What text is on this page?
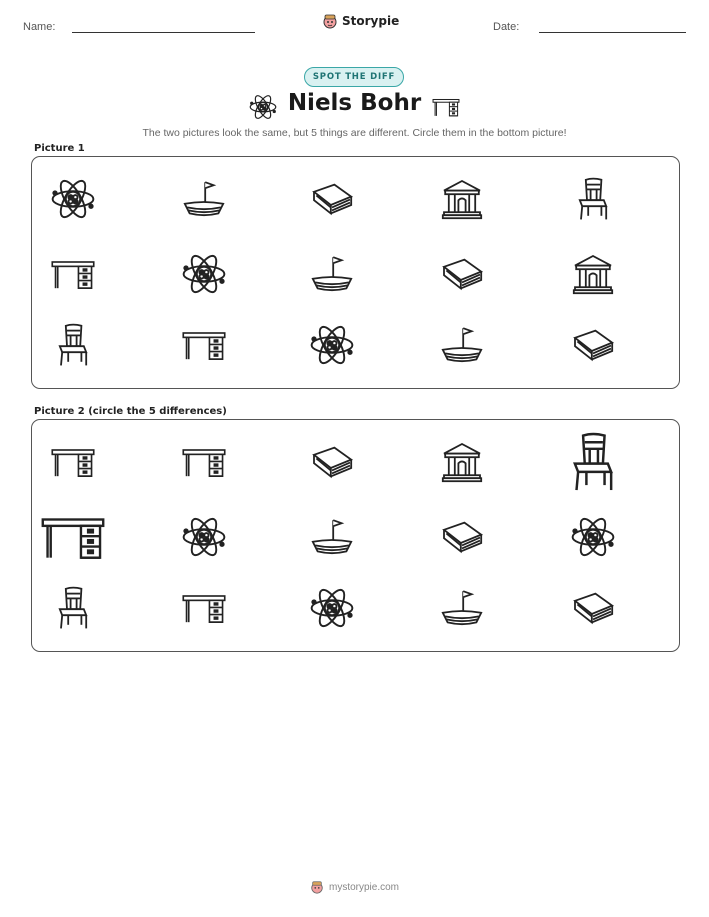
Name:	Storypie	Date:
SPOT THE DIFF
Niels Bohr
The two pictures look the same, but 5 things are different. Circle them in the bottom picture!
Picture 1
Picture 2 (circle the 5 differences)
mystorypie.com
